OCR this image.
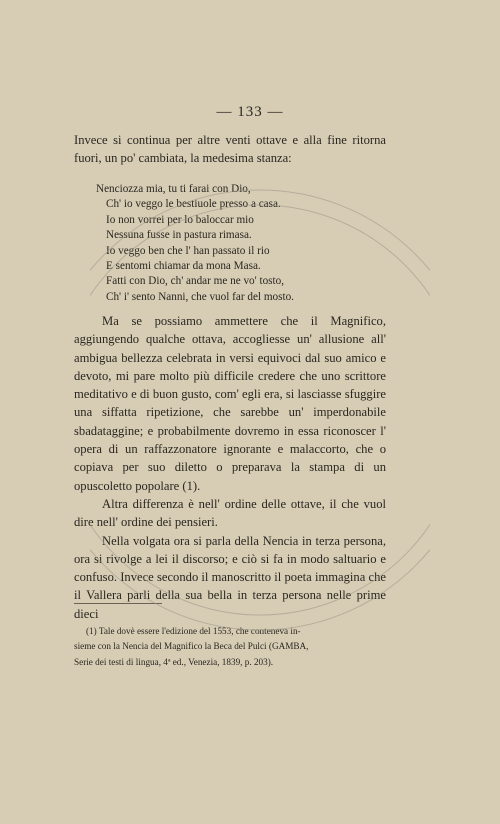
— 133 —

Invece si continua per altre venti ottave e alla fine ritorna fuori, un po' cambiata, la medesima stanza:

Nenciozza mia, tu ti farai con Dio,
Ch' io veggo le bestiuole presso a casa.
Io non vorrei per lo baloccar mio
Nessuna fusse in pastura rimasa.
Io veggo ben che l' han passato il rio
E sentomi chiamar da mona Masa.
Fatti con Dio, ch' andar me ne vo' tosto,
Ch' i' sento Nanni, che vuol far del mosto.

Ma se possiamo ammettere che il Magnifico, aggiungendo qualche ottava, accogliesse un' allusione all' ambigua bellezza celebrata in versi equivoci dal suo amico e devoto, mi pare molto più difficile credere che uno scrittore meditativo e di buon gusto, com' egli era, si lasciasse sfuggire una siffatta ripetizione, che sarebbe un' imperdonabile sbadataggine; e probabilmente dovremo in essa riconoscer l' opera di un raffazzonatore ignorante e malaccorto, che o copiava per suo diletto o preparava la stampa di un opuscoletto popolare (1).

Altra differenza è nell' ordine delle ottave, il che vuol dire nell' ordine dei pensieri.

Nella volgata ora si parla della Nencia in terza persona, ora si rivolge a lei il discorso; e ciò si fa in modo saltuario e confuso. Invece secondo il manoscritto il poeta immagina che il Vallera parli della sua bella in terza persona nelle prime dieci

(1) Tale dovè essere l'edizione del 1553, che conteneva in-
sieme con la Nencia del Magnifico la Beca del Pulci (GAMBA,
Serie dei testi di lingua, 4ª ed., Venezia, 1839, p. 203).
